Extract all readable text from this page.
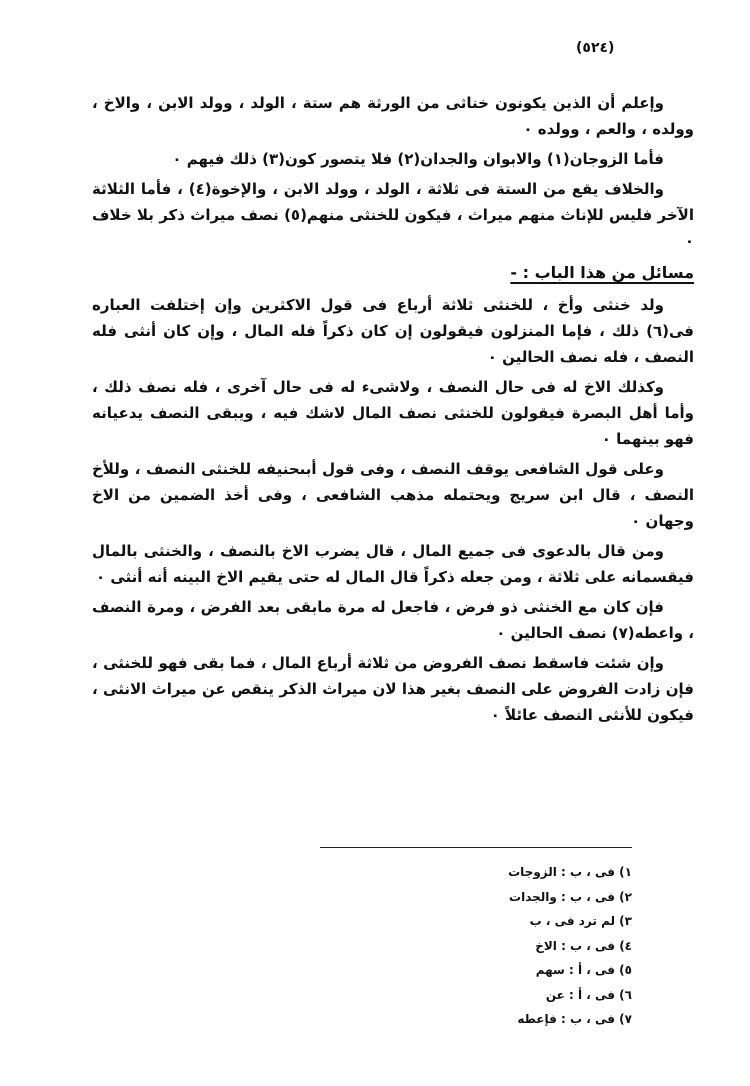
(٥٢٤)

وإعلم أن الذين يكونون خناثى من الورثة هم ستة ، الولد ، وولد الابن ، والاخ ، وولده ، والعم ، وولده ٠

فأما الزوجان(١) والابوان والجدان(٢) فلا يتصور كون(٣) ذلك فيهم ٠

والخلاف يقع من الستة فى ثلاثة ، الولد ، وولد الابن ، والإخوة(٤) ، فأما الثلاثة الآخر فليس للإناث منهم ميراث ، فيكون للخنثى منهم(٥) نصف ميراث ذكر بلا خلاف ٠

مسائل من هذا الباب : -

ولد خنثى وأخ ، للخنثى ثلاثة أرباع فى قول الاكثرين وإن إختلفت العباره فى(٦) ذلك ، فإما المنزلون فيقولون إن كان ذكراً فله المال ، وإن كان أنثى فله النصف ، فله نصف الحالين ٠

وكذلك الاخ له فى حال النصف ، ولاشىء له فى حال آخرى ، فله نصف ذلك ، وأما أهل البصرة فيقولون للخنثى نصف المال لاشك فيه ، ويبقى النصف يدعيانه فهو بينهما ٠

وعلى قول الشافعى يوقف النصف ، وفى قول أبىحنيفه للخنثى النصف ، وللأخ النصف ، قال ابن سريج ويحتمله مذهب الشافعى ، وفى أخذ الضمين من الاخ وجهان ٠

ومن قال بالدعوى فى جميع المال ، قال يضرب الاخ بالنصف ، والخنثى بالمال فيقسمانه على ثلاثة ، ومن جعله ذكراً قال المال له حتى يقيم الاخ البينه أنه أنثى ٠

فإن كان مع الخنثى ذو فرض ، فاجعل له مرة مابقى بعد الفرض ، ومرة النصف ، واعطه(٧) نصف الحالين ٠

وإن شئت فاسقط نصف الفروض من ثلاثة أرباع المال ، فما بقى فهو للخنثى ، فإن زادت الفروض على النصف بغير هذا لان ميراث الذكر ينقص عن ميراث الانثى ، فيكون للأنثى النصف عائلاً ٠

١) فى ، ب : الزوجات
٢) فى ، ب : والجدات
٣) لم ترد فى ، ب
٤) فى ، ب : الاخ
٥) فى ، أ : سهم
٦) فى ، أ : عن
٧) فى ، ب : فإعطه
